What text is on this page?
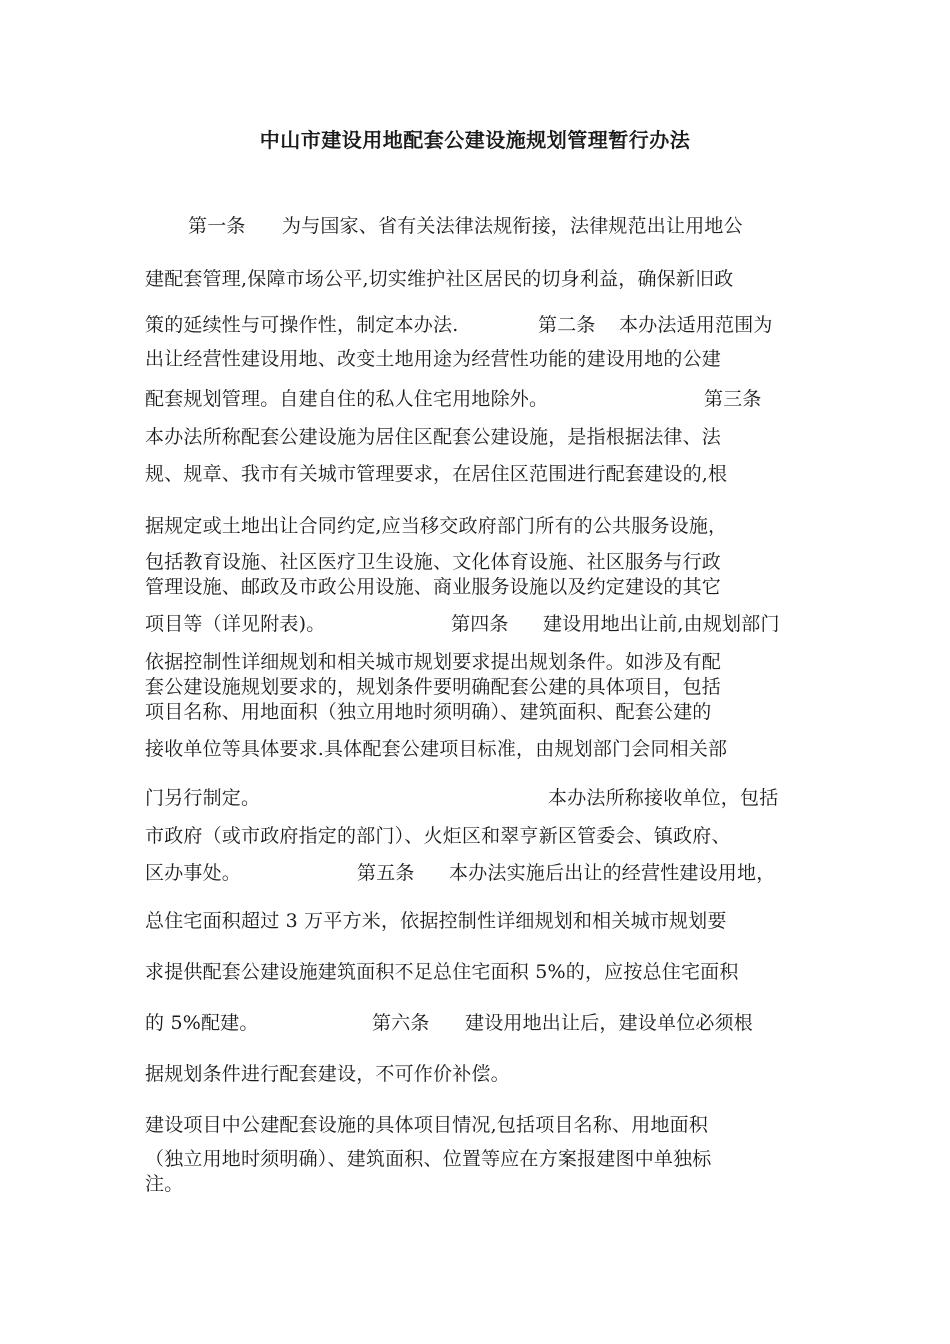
中山市建设用地配套公建设施规划管理暂行办法
第一条 为与国家、省有关法律法规衔接，法律规范出让用地公
建配套管理,保障市场公平,切实维护社区居民的切身利益，确保新旧政
策的延续性与可操作性，制定本办法.	第二条 本办法适用范围为
出让经营性建设用地、改变土地用途为经营性功能的建设用地的公建
配套规划管理。自建自住的私人住宅用地除外。	第三条
本办法所称配套公建设施为居住区配套公建设施，是指根据法律、法
规、规章、我市有关城市管理要求，在居住区范围进行配套建设的,根
据规定或土地出让合同约定,应当移交政府部门所有的公共服务设施，
包括教育设施、社区医疗卫生设施、文化体育设施、社区服务与行政
管理设施、邮政及市政公用设施、商业服务设施以及约定建设的其它
项目等（详见附表)。	第四条 建设用地出让前,由规划部门
依据控制性详细规划和相关城市规划要求提出规划条件。如涉及有配
套公建设施规划要求的，规划条件要明确配套公建的具体项目，包括
项目名称、用地面积（独立用地时须明确）、建筑面积、配套公建的
接收单位等具体要求.具体配套公建项目标准，由规划部门会同相关部
门另行制定。	本办法所称接收单位，包括
市政府（或市政府指定的部门）、火炬区和翠亨新区管委会、镇政府、
区办事处。	第五条 本办法实施后出让的经营性建设用地，
总住宅面积超过 3 万平方米，依据控制性详细规划和相关城市规划要
求提供配套公建设施建筑面积不足总住宅面积 5%的，应按总住宅面积
的 5%配建。	第六条 建设用地出让后，建设单位必须根
据规划条件进行配套建设，不可作价补偿。
建设项目中公建配套设施的具体项目情况,包括项目名称、用地面积
（独立用地时须明确）、建筑面积、位置等应在方案报建图中单独标
注。
